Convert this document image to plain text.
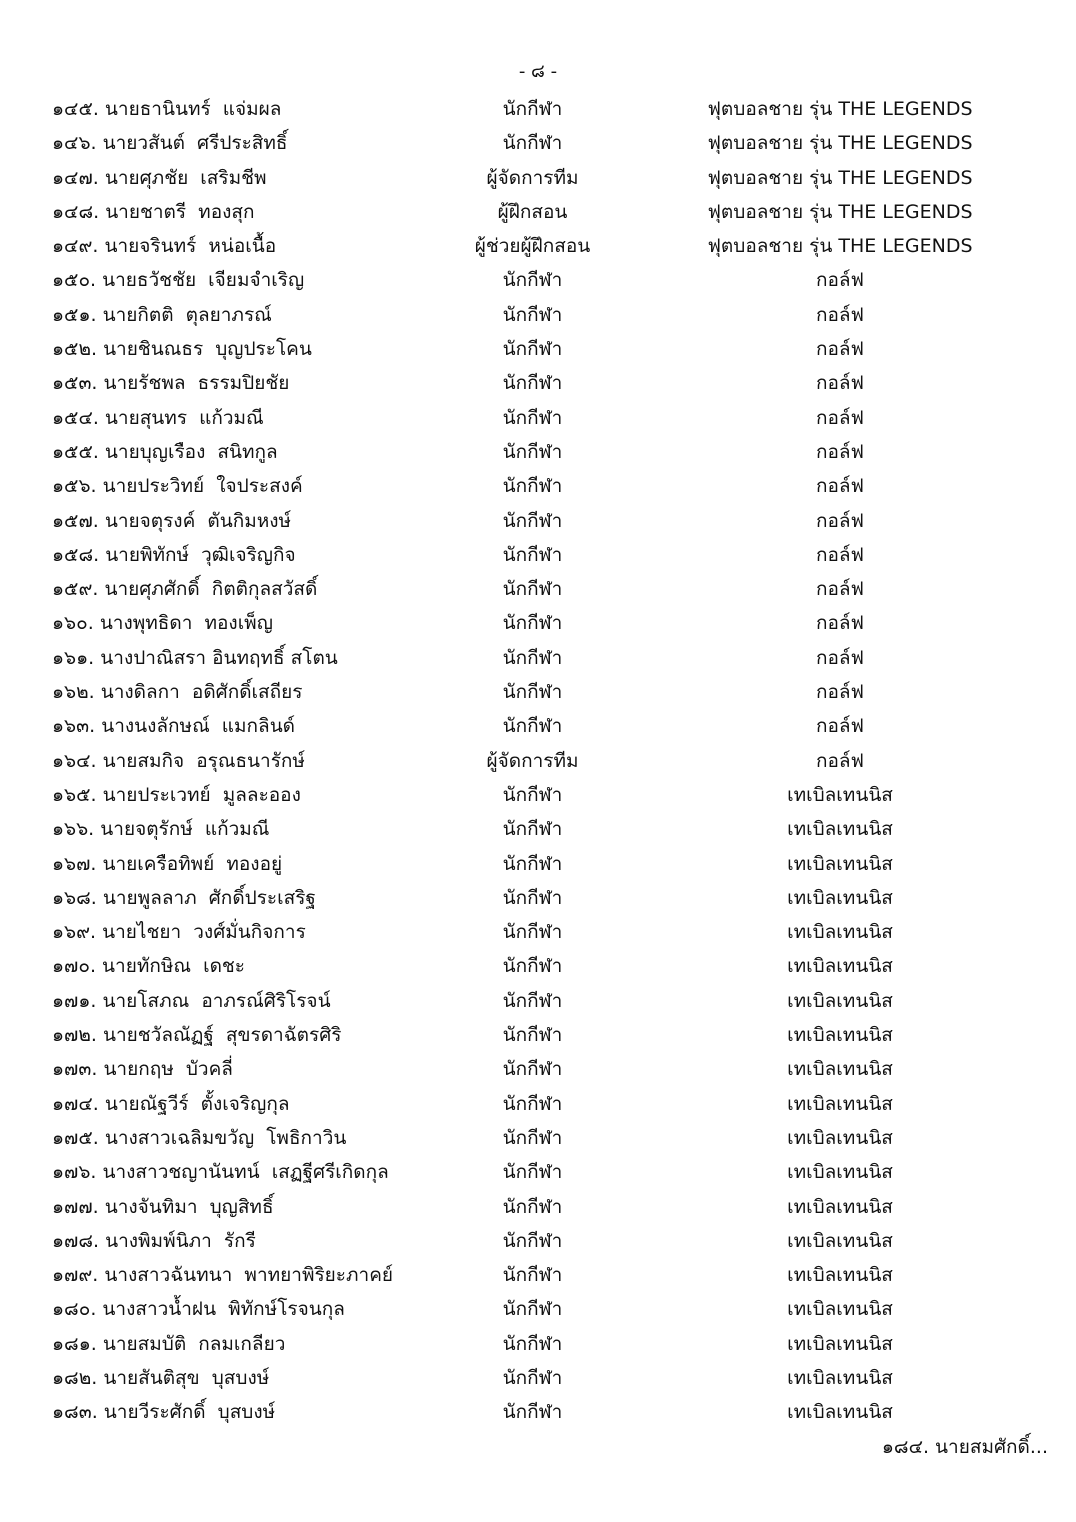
- ๘ -
๑๔๕. นายธานินทร์  แจ่มผล	นักกีฬา	ฟุตบอลชาย รุ่น THE LEGENDS
๑๔๖. นายวสันต์  ศรีประสิทธิ์	นักกีฬา	ฟุตบอลชาย รุ่น THE LEGENDS
๑๔๗. นายศุภชัย  เสริมชีพ	ผู้จัดการทีม	ฟุตบอลชาย รุ่น THE LEGENDS
๑๔๘. นายชาตรี  ทองสุก	ผู้ฝึกสอน	ฟุตบอลชาย รุ่น THE LEGENDS
๑๔๙. นายจรินทร์  หน่อเนื้อ	ผู้ช่วยผู้ฝึกสอน	ฟุตบอลชาย รุ่น THE LEGENDS
๑๕๐. นายธวัชชัย  เจียมจำเริญ	นักกีฬา	กอล์ฟ
๑๕๑. นายกิตติ  ตุลยาภรณ์	นักกีฬา	กอล์ฟ
๑๕๒. นายชินณธร  บุญประโคน	นักกีฬา	กอล์ฟ
๑๕๓. นายรัชพล  ธรรมปิยชัย	นักกีฬา	กอล์ฟ
๑๕๔. นายสุนทร  แก้วมณี	นักกีฬา	กอล์ฟ
๑๕๕. นายบุญเรือง  สนิทกูล	นักกีฬา	กอล์ฟ
๑๕๖. นายประวิทย์  ใจประสงค์	นักกีฬา	กอล์ฟ
๑๕๗. นายจตุรงค์  ตันกิมหงษ์	นักกีฬา	กอล์ฟ
๑๕๘. นายพิทักษ์  วุฒิเจริญกิจ	นักกีฬา	กอล์ฟ
๑๕๙. นายศุภศักดิ์  กิตติกุลสวัสดิ์	นักกีฬา	กอล์ฟ
๑๖๐. นางพุทธิดา  ทองเพ็ญ	นักกีฬา	กอล์ฟ
๑๖๑. นางปาณิสรา อินทฤทธิ์ สโตน	นักกีฬา	กอล์ฟ
๑๖๒. นางดิลกา  อดิศักดิ์เสถียร	นักกีฬา	กอล์ฟ
๑๖๓. นางนงลักษณ์  แมกลินด์	นักกีฬา	กอล์ฟ
๑๖๔. นายสมกิจ  อรุณธนารักษ์	ผู้จัดการทีม	กอล์ฟ
๑๖๕. นายประเวทย์  มูลละออง	นักกีฬา	เทเบิลเทนนิส
๑๖๖. นายจตุรักษ์  แก้วมณี	นักกีฬา	เทเบิลเทนนิส
๑๖๗. นายเครือทิพย์  ทองอยู่	นักกีฬา	เทเบิลเทนนิส
๑๖๘. นายพูลลาภ  ศักดิ์ประเสริฐ	นักกีฬา	เทเบิลเทนนิส
๑๖๙. นายไชยา  วงศ์มั่นกิจการ	นักกีฬา	เทเบิลเทนนิส
๑๗๐. นายทักษิณ  เดชะ	นักกีฬา	เทเบิลเทนนิส
๑๗๑. นายโสภณ  อาภรณ์ศิริโรจน์	นักกีฬา	เทเบิลเทนนิส
๑๗๒. นายชวัลณัฏฐ์  สุขรดาฉัตรศิริ	นักกีฬา	เทเบิลเทนนิส
๑๗๓. นายกฤษ  บัวคลี่	นักกีฬา	เทเบิลเทนนิส
๑๗๔. นายณัฐวีร์  ตั้งเจริญกุล	นักกีฬา	เทเบิลเทนนิส
๑๗๕. นางสาวเฉลิมขวัญ  โพธิกาวิน	นักกีฬา	เทเบิลเทนนิส
๑๗๖. นางสาวชญานันทน์  เสฏฐีศรีเกิดกุล	นักกีฬา	เทเบิลเทนนิส
๑๗๗. นางจันทิมา  บุญสิทธิ์	นักกีฬา	เทเบิลเทนนิส
๑๗๘. นางพิมพ์นิภา  รักรี	นักกีฬา	เทเบิลเทนนิส
๑๗๙. นางสาวฉันทนา  พาทยาพิริยะภาคย์	นักกีฬา	เทเบิลเทนนิส
๑๘๐. นางสาวน้ำฝน  พิทักษ์โรจนกุล	นักกีฬา	เทเบิลเทนนิส
๑๘๑. นายสมบัติ  กลมเกลียว	นักกีฬา	เทเบิลเทนนิส
๑๘๒. นายสันติสุข  บุสบงษ์	นักกีฬา	เทเบิลเทนนิส
๑๘๓. นายวีระศักดิ์  บุสบงษ์	นักกีฬา	เทเบิลเทนนิส
๑๘๔. นายสมศักดิ์...
